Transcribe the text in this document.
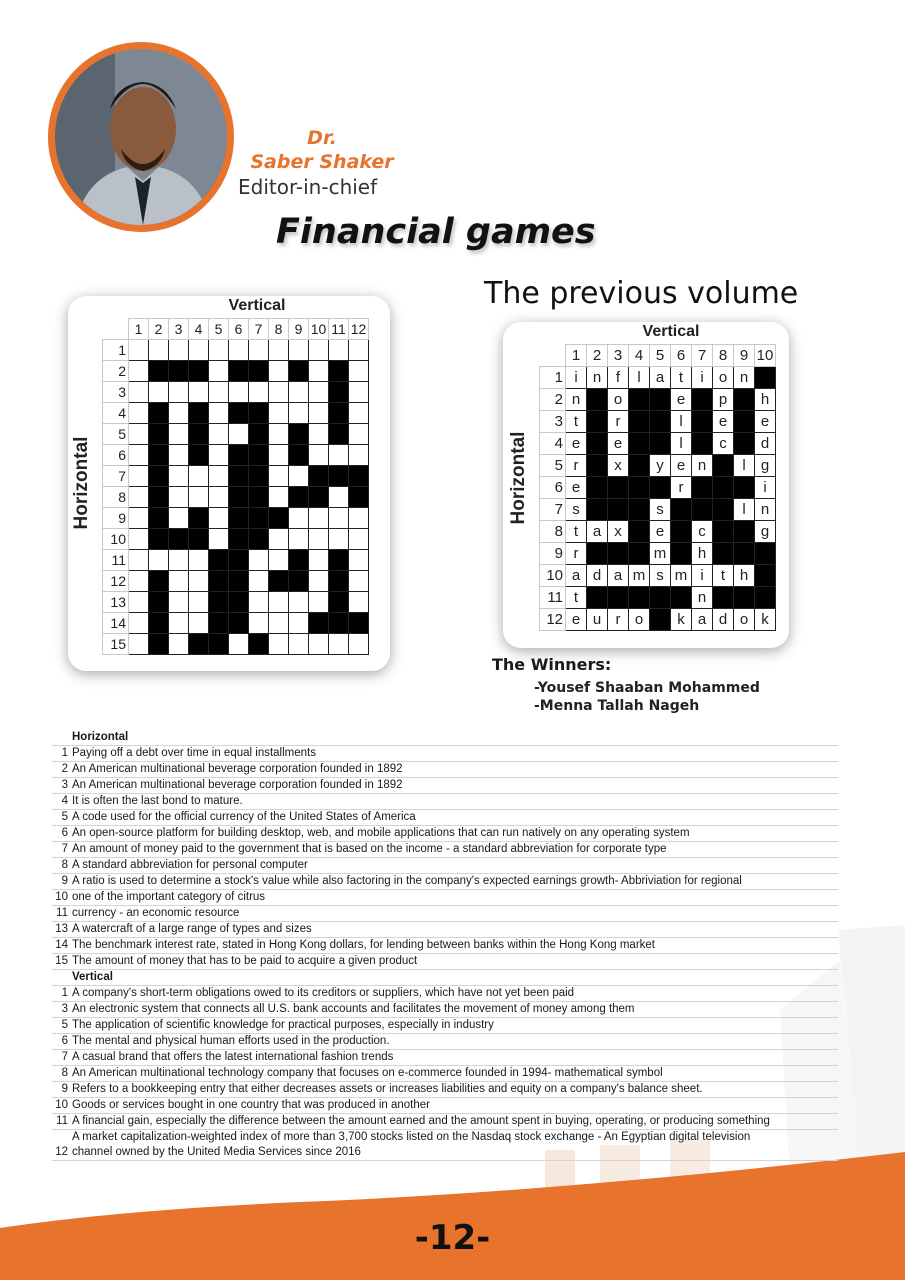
Dr.
Saber Shaker
Editor-in-chief
Financial games
The previous volume
Vertical
Horizontal
	1	2	3	4	5	6	7	8	9	10	11	12
1												
2												
3												
4												
5												
6												
7												
8												
9												
10												
11												
12												
13												
14												
15												
Vertical
Horizontal
	1	2	3	4	5	6	7	8	9	10
1	i	n	f	l	a	t	i	o	n	
2	n		o			e		p		h
3	t		r			l		e		e
4	e		e			l		c		d
5	r		x		y	e	n		l	g
6	e					r				i
7	s				s				l	n
8	t	a	x		e		c			g
9	r				m		h			
10	a	d	a	m	s	m	i	t	h	
11	t						n			
12	e	u	r	o		k	a	d	o	k
The Winners:
-Yousef Shaaban Mohammed
-Menna Tallah Nageh
Horizontal
1 Paying off a debt over time in equal installments
2 An American multinational beverage corporation founded in 1892
3 An American multinational beverage corporation founded in 1892
4 It is often the last bond to mature.
5 A code used for the official currency of the United States of America
6 An open-source platform for building desktop, web, and mobile applications that can run natively on any operating system
7 An amount of money paid to the government that is based on the income - a standard abbreviation for corporate type
8 A standard abbreviation for personal computer
9 A ratio is used to determine a stock's value while also factoring in the company's expected earnings growth- Abbriviation for regional
10 one of the important category of citrus
11 currency - an economic resource
13 A watercraft of a large range of types and sizes
14 The benchmark interest rate, stated in Hong Kong dollars, for lending between banks within the Hong Kong market
15 The amount of money that has to be paid to acquire a given product
Vertical
1 A company's short-term obligations owed to its creditors or suppliers, which have not yet been paid
3 An electronic system that connects all U.S. bank accounts and facilitates the movement of money among them
5 The application of scientific knowledge for practical purposes, especially in industry
6 The mental and physical human efforts used in the production.
7 A casual brand that offers the latest international fashion trends
8 An American multinational technology company that focuses on e-commerce founded in 1994- mathematical symbol
9 Refers to a bookkeeping entry that either decreases assets or increases liabilities and equity on a company's balance sheet.
10 Goods or services bought in one country that was produced in another
11 A financial gain, especially the difference between the amount earned and the amount spent in buying, operating, or producing something
12
A market capitalization-weighted index of more than 3,700 stocks listed on the Nasdaq stock exchange - An Egyptian digital television
channel owned by the United Media Services since 2016
-12-
